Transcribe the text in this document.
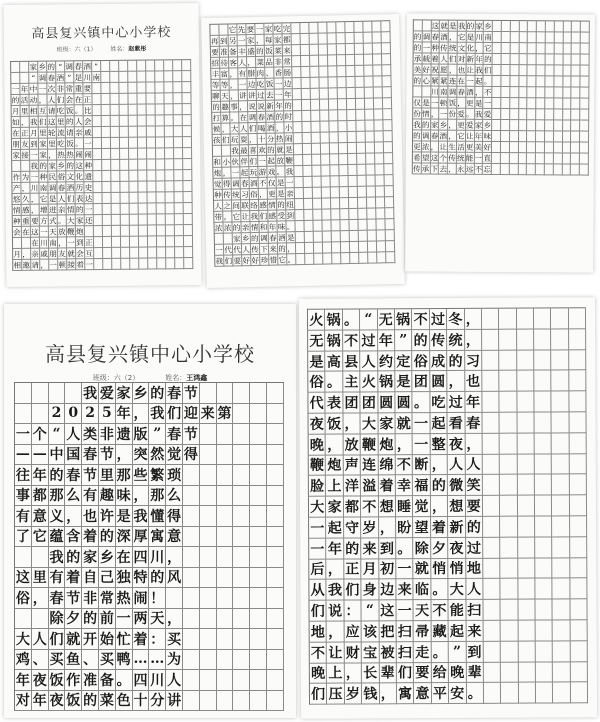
高县复兴镇中心小学校
班级：六（1） 姓名：赵紫彤
家 乡 的 “ 调 春 酒 ”
“ 调 春 酒 ” 是 川 南
一 年 中 一 次 非 常 重 要
的 活 动 ， 人 们 会 在 正
月 里 相 互 请 吃 饭 。 比
如 ， 我 们 这 里 的 人 会
在 正 月 里 轮 流 请 亲 戚
朋 友 到 家 里 吃 饭 。 一
家 接 一 家 ， 热 热 闹 闹
我 的 家 乡 的 这 种
作 为 一 种 民 俗 文 化 遗
产 ， 川 南 调 春 酒 历 史
悠 久 ， 它 是 人 们 表 达
情 感 ， 增 进 亲 情 的 一
种 重 要 方 式 。 大 家 还
会 在 这 一 天 放 鞭 炮
在 川 南 ， 一 到 正
月 ， 亲 戚 朋 友 就 会 互
相 邀 请 ， 一 顿 接 着 一
它 先 要 一 家 吃 完
再 到 另 一 家 ， 每 家 都
要 准 备 丰 盛 的 饭 菜 来
招 待 客 人 ， 菜 品 非 常
丰 富 ， 有 腊 肉 、 香 肠
等 等 ， 一 边 吃 饭 一 边
聊 天 ， 讲 讲 过 去 一 年
的 趣 事 ， 说 说 新 年 的
打 算 。 在 调 春 酒 的 时
候 ， 大 人 们 喝 酒 ， 小
孩 们 玩 耍 ， 十 分 热 闹
我 最 喜 欢 的 就 是
和 小 伙 伴 们 一 起 放 鞭
炮 ， 一 起 玩 游 戏 。 我
觉 得 调 春 酒 不 仅 是 一
种 传 统 习 俗 ， 更 是 亲
人 之 间 联 络 感 情 的 纽
带 。 它 让 我 们 感 受 到
浓 浓 的 亲 情 和 年 味 。
家 乡 的 调 春 酒 是
一 代 代 人 传 下 来 的 ，
我 们 要 好 好 珍 惜 它 。
这 就 是 我 的 家 乡
的 调 春 酒 ， 它 是 川 南
的 一 种 传 统 文 化 ， 它
承 载 着 人 们 对 新 年 的
美 好 祝 愿 ， 也 让 我 们
的 心 紧 紧 连 在 一 起 。
川 南 调 春 酒 ， 不
仅 是 一 顿 饭 ， 更 是 一
份 情 ， 一 份 爱 。 我 爱
我 的 家 乡 ， 更 爱 家 乡
的 调 春 酒 ， 它 让 年 味
更 浓 ， 让 生 活 更 美 好
希 望 这 个 传 统 能 一 直
传 承 下 去 ， 永 远 不 忘
高县复兴镇中心小学校
班级：六（2）	姓名：王鸿鑫
我 爱 家 乡 的 春 节
2 0 2 5 年 ， 我 们 迎 来 第
一 个 “ 人 类 非 遗 版 ” 春 节
— — 中 国 春 节 ， 突 然 觉 得
往 年 的 春 节 里 那 些 繁 琐
事 都 那 么 有 趣 味 ， 那 么
有 意 义 ， 也 许 是 我 懂 得
了 它 蕴 含 着 的 深 厚 寓 意
我 的 家 乡 在 四 川 ，
这 里 有 着 自 己 独 特 的 风
俗 ， 春 节 非 常 热 闹 ！
除 夕 的 前 一 两 天 ，
大 人 们 就 开 始 忙 着 ： 买
鸡 、 买 鱼 、 买 鸭 … … 为
年 夜 饭 作 准 备 。 四 川 人
对 年 夜 饭 的 菜 色 十 分 讲
火 锅 。 “ 无 锅 不 过 冬 ，
无 锅 不 过 年 ” 的 传 统 ，
是 高 县 人 约 定 俗 成 的 习
俗 。 主 火 锅 是 团 圆 ， 也
代 表 团 团 圆 圆 。 吃 过 年
夜 饭 ， 大 家 就 一 起 看 春
晚 ， 放 鞭 炮 ， 一 整 夜 ，
鞭 炮 声 连 绵 不 断 ， 人 人
脸 上 洋 溢 着 幸 福 的 微 笑
大 家 都 不 想 睡 觉 ， 想 要
一 起 守 岁 ， 盼 望 着 新 的
一 年 的 来 到 。 除 夕 夜 过
后 ， 正 月 初 一 就 悄 悄 地
从 我 们 身 边 来 临 。 大 人
们 说 ： “ 这 一 天 不 能 扫
地 ， 应 该 把 扫 帚 藏 起 来
不 让 财 宝 被 扫 走 。 ” 到
晚 上 ， 长 辈 们 要 给 晚 辈
们 压 岁 钱 ， 寓 意 平 安 。
